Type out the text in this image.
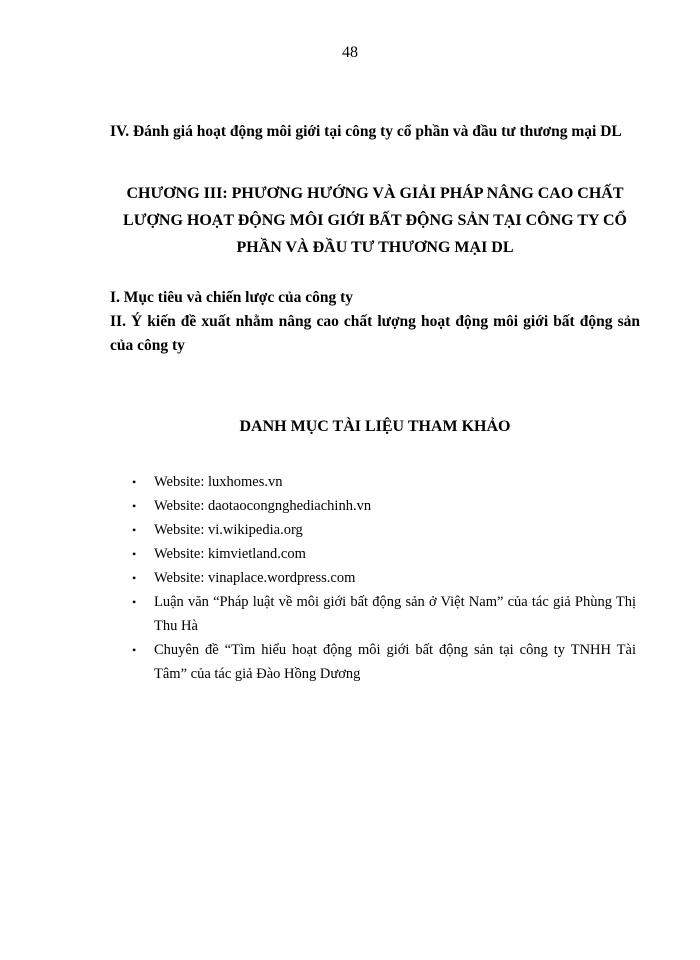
48
IV. Đánh giá hoạt động môi giới tại công ty cổ phần và đầu tư thương mại DL
CHƯƠNG III: PHƯƠNG HƯỚNG VÀ GIẢI PHÁP NÂNG CAO CHẤT
LƯỢNG HOẠT ĐỘNG MÔI GIỚI BẤT ĐỘNG SẢN TẠI CÔNG TY CỔ
PHẦN VÀ ĐẦU TƯ THƯƠNG MẠI DL
I. Mục tiêu và chiến lược của công ty
II. Ý kiến đề xuất nhằm nâng cao chất lượng hoạt động môi giới bất động sản của công ty
DANH MỤC TÀI LIỆU THAM KHẢO
• Website: luxhomes.vn
• Website: daotaocongnghediachinh.vn
• Website: vi.wikipedia.org
• Website: kimvietland.com
• Website: vinaplace.wordpress.com
• Luận văn “Pháp luật về môi giới bất động sản ở Việt Nam” của tác giả Phùng Thị Thu Hà
• Chuyên đề “Tìm hiểu hoạt động môi giới bất động sản tại công ty TNHH Tài Tâm” của tác giả Đào Hồng Dương
